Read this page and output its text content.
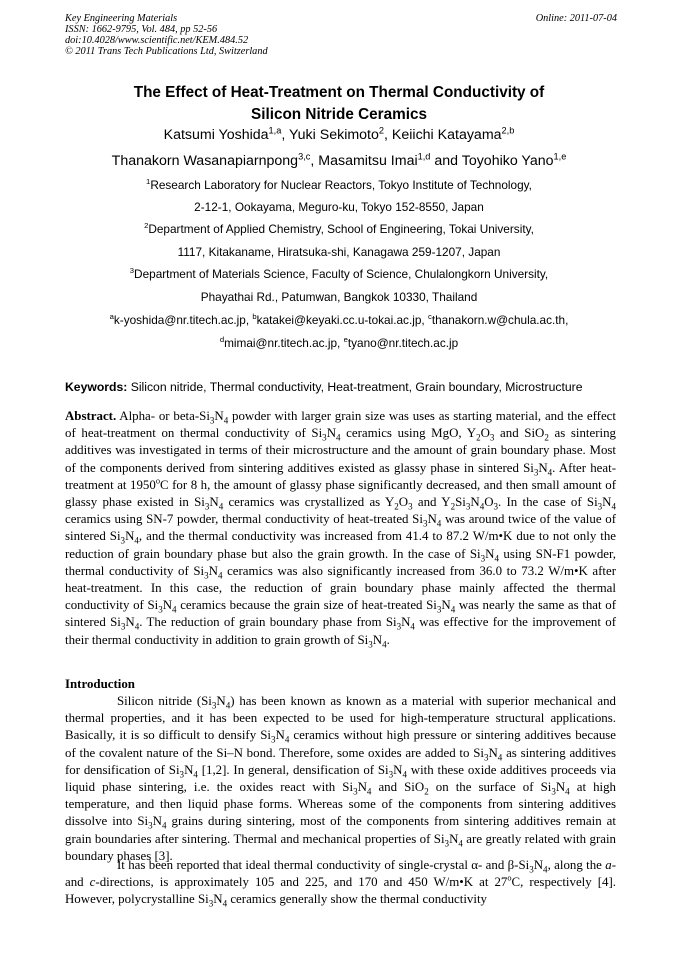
Key Engineering Materials
ISSN: 1662-9795, Vol. 484, pp 52-56
doi:10.4028/www.scientific.net/KEM.484.52
© 2011 Trans Tech Publications Ltd, Switzerland
Online: 2011-07-04
The Effect of Heat-Treatment on Thermal Conductivity of
Silicon Nitride Ceramics
Katsumi Yoshida$^{1,a}$, Yuki Sekimoto$^2$, Keiichi Katayama$^{2,b}$
Thanakorn Wasanapiarnpong$^{3,c}$, Masamitsu Imai$^{1,d}$ and Toyohiko Yano$^{1,e}$
$^1$Research Laboratory for Nuclear Reactors, Tokyo Institute of Technology,
2-12-1, Ookayama, Meguro-ku, Tokyo 152-8550, Japan
$^2$Department of Applied Chemistry, School of Engineering, Tokai University,
1117, Kitakaname, Hiratsuka-shi, Kanagawa 259-1207, Japan
$^3$Department of Materials Science, Faculty of Science, Chulalongkorn University,
Phayathai Rd., Patumwan, Bangkok 10330, Thailand
$^a$k-yoshida@nr.titech.ac.jp, $^b$katakei@keyaki.cc.u-tokai.ac.jp, $^c$thanakorn.w@chula.ac.th,
$^d$mimai@nr.titech.ac.jp, $^e$tyano@nr.titech.ac.jp
Keywords: Silicon nitride, Thermal conductivity, Heat-treatment, Grain boundary, Microstructure
Abstract. Alpha- or beta-$Si_3N_4$ powder with larger grain size was uses as starting material, and the effect of heat-treatment on thermal conductivity of $Si_3N_4$ ceramics using MgO, $Y_2O_3$ and SiO$_2$ as sintering additives was investigated in terms of their microstructure and the amount of grain boundary phase. Most of the components derived from sintering additives existed as glassy phase in sintered $Si_3N_4$. After heat-treatment at 1950$^o$C for 8 h, the amount of glassy phase significantly decreased, and then small amount of glassy phase existed in $Si_3N_4$ ceramics was crystallized as $Y_2O_3$ and $Y_2Si_3N_4O_3$. In the case of $Si_3N_4$ ceramics using SN-7 powder, thermal conductivity of heat-treated $Si_3N_4$ was around twice of the value of sintered $Si_3N_4$, and the thermal conductivity was increased from 41.4 to 87.2 W/m•K due to not only the reduction of grain boundary phase but also the grain growth. In the case of $Si_3N_4$ using SN-F1 powder, thermal conductivity of $Si_3N_4$ ceramics was also significantly increased from 36.0 to 73.2 W/m•K after heat-treatment. In this case, the reduction of grain boundary phase mainly affected the thermal conductivity of $Si_3N_4$ ceramics because the grain size of heat-treated $Si_3N_4$ was nearly the same as that of sintered $Si_3N_4$. The reduction of grain boundary phase from $Si_3N_4$ was effective for the improvement of their thermal conductivity in addition to grain growth of $Si_3N_4$.
Introduction
Silicon nitride $(Si_3N_4)$ has been known as known as a material with superior mechanical and thermal properties, and it has been expected to be used for high-temperature structural applications. Basically, it is so difficult to densify $Si_3N_4$ ceramics without high pressure or sintering additives because of the covalent nature of the Si–N bond. Therefore, some oxides are added to $Si_3N_4$ as sintering additives for densification of $Si_3N_4$ [1,2]. In general, densification of $Si_3N_4$ with these oxide additives proceeds via liquid phase sintering, i.e. the oxides react with $Si_3N_4$ and SiO$_2$ on the surface of $Si_3N_4$ at high temperature, and then liquid phase forms. Whereas some of the components from sintering additives dissolve into $Si_3N_4$ grains during sintering, most of the components from sintering additives remain at grain boundaries after sintering. Thermal and mechanical properties of $Si_3N_4$ are greatly related with grain boundary phases [3].
It has been reported that ideal thermal conductivity of single-crystal α- and $\beta-Si_3N_4$, along the a- and c-directions, is approximately 105 and 225, and 170 and 450 W/m•K at 27$^o$C, respectively [4]. However, polycrystalline $Si_3N_4$ ceramics generally show the thermal conductivity
